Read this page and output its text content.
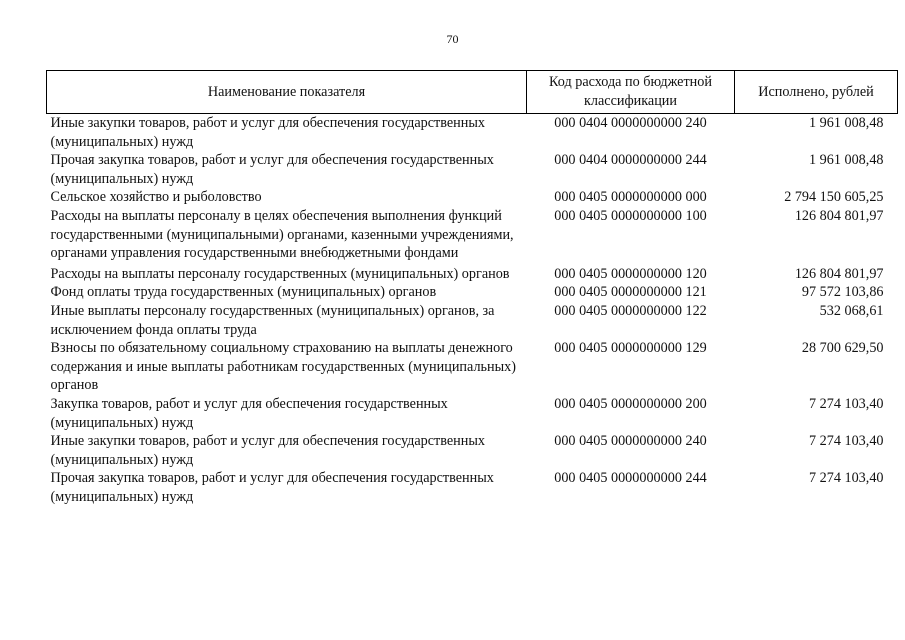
70
Наименование показателя	Код расхода по бюджетной классификации	Исполнено, рублей
Иные закупки товаров, работ и услуг для обеспечения государственных (муниципальных) нужд	000 0404 0000000000 240	1 961 008,48
Прочая закупка товаров, работ и услуг для обеспечения государственных (муниципальных) нужд	000 0404 0000000000 244	1 961 008,48
Сельское хозяйство и рыболовство	000 0405 0000000000 000	2 794 150 605,25
Расходы на выплаты персоналу в целях обеспечения выполнения функций государственными (муниципальными) органами, казенными учреждениями, органами управления государственными внебюджетными фондами	000 0405 0000000000 100	126 804 801,97
Расходы на выплаты персоналу государственных (муниципальных) органов	000 0405 0000000000 120	126 804 801,97
Фонд оплаты труда государственных (муниципальных) органов	000 0405 0000000000 121	97 572 103,86
Иные выплаты персоналу государственных (муниципальных) органов, за исключением фонда оплаты труда	000 0405 0000000000 122	532 068,61
Взносы по обязательному социальному страхованию на выплаты денежного содержания и иные выплаты работникам государственных (муниципальных) органов	000 0405 0000000000 129	28 700 629,50
Закупка товаров, работ и услуг для обеспечения государственных (муниципальных) нужд	000 0405 0000000000 200	7 274 103,40
Иные закупки товаров, работ и услуг для обеспечения государственных (муниципальных) нужд	000 0405 0000000000 240	7 274 103,40
Прочая закупка товаров, работ и услуг для обеспечения государственных (муниципальных) нужд	000 0405 0000000000 244	7 274 103,40
